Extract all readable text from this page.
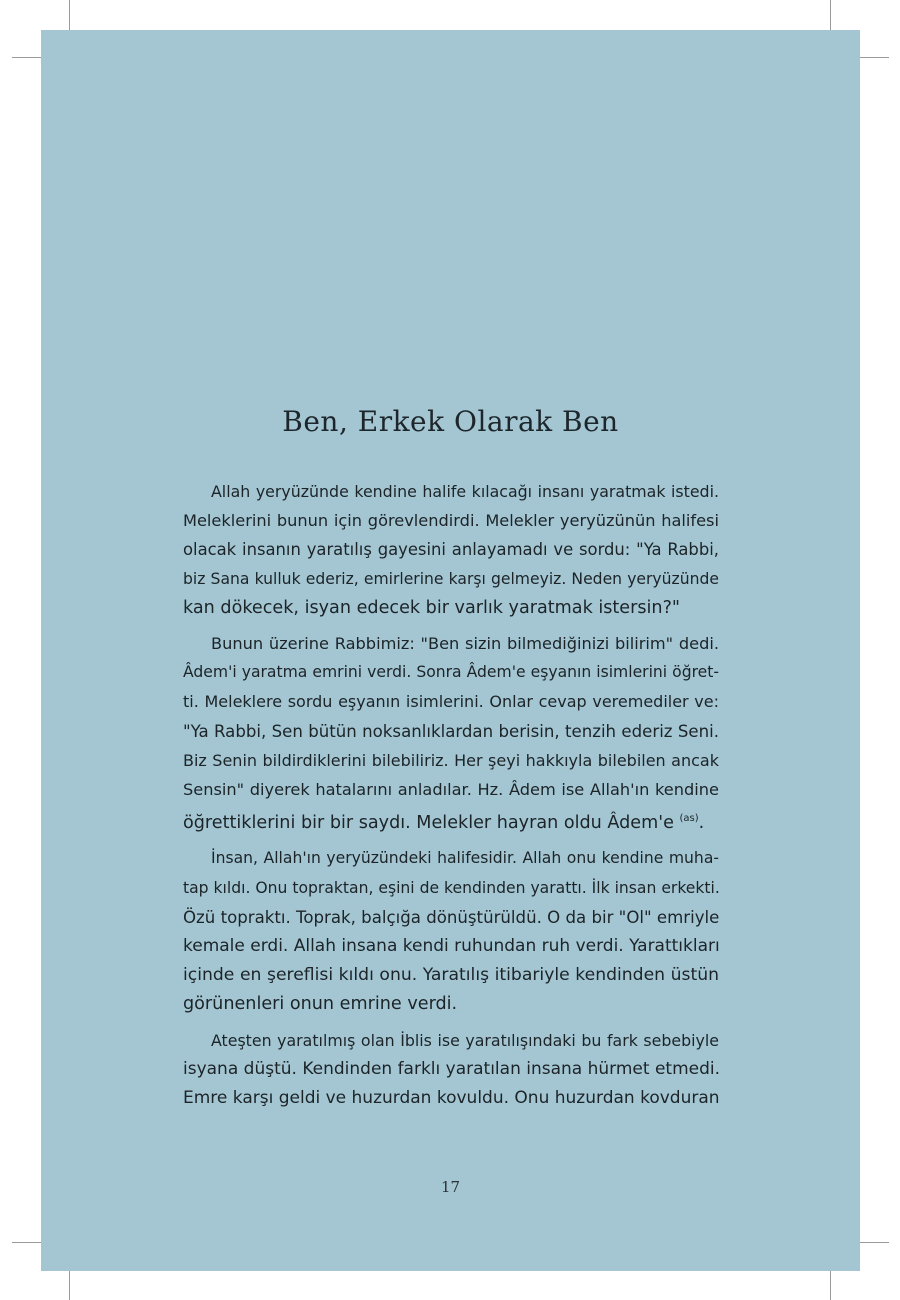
Ben, Erkek Olarak Ben
Allah yeryüzünde kendine halife kılacağı insanı yaratmak istedi.
Meleklerini bunun için görevlendirdi. Melekler yeryüzünün halifesi
olacak insanın yaratılış gayesini anlayamadı ve sordu: "Ya Rabbi,
biz Sana kulluk ederiz, emirlerine karşı gelmeyiz. Neden yeryüzünde
kan dökecek, isyan edecek bir varlık yaratmak istersin?"
Bunun üzerine Rabbimiz: "Ben sizin bilmediğinizi bilirim" dedi.
Âdem'i yaratma emrini verdi. Sonra Âdem'e eşyanın isimlerini öğret-
ti. Meleklere sordu eşyanın isimlerini. Onlar cevap veremediler ve:
"Ya Rabbi, Sen bütün noksanlıklardan berisin, tenzih ederiz Seni.
Biz Senin bildirdiklerini bilebiliriz. Her şeyi hakkıyla bilebilen ancak
Sensin" diyerek hatalarını anladılar. Hz. Âdem ise Allah'ın kendine
öğrettiklerini bir bir saydı. Melekler hayran oldu Âdem'e $^{(as)}$.
İnsan, Allah'ın yeryüzündeki halifesidir. Allah onu kendine muha-
tap kıldı. Onu topraktan, eşini de kendinden yarattı. İlk insan erkekti.
Özü topraktı. Toprak, balçığa dönüştürüldü. O da bir "Ol" emriyle
kemale erdi. Allah insana kendi ruhundan ruh verdi. Yarattıkları
içinde en şereflisi kıldı onu. Yaratılış itibariyle kendinden üstün
görünenleri onun emrine verdi.
Ateşten yaratılmış olan İblis ise yaratılışındaki bu fark sebebiyle
isyana düştü. Kendinden farklı yaratılan insana hürmet etmedi.
Emre karşı geldi ve huzurdan kovuldu. Onu huzurdan kovduran
17
